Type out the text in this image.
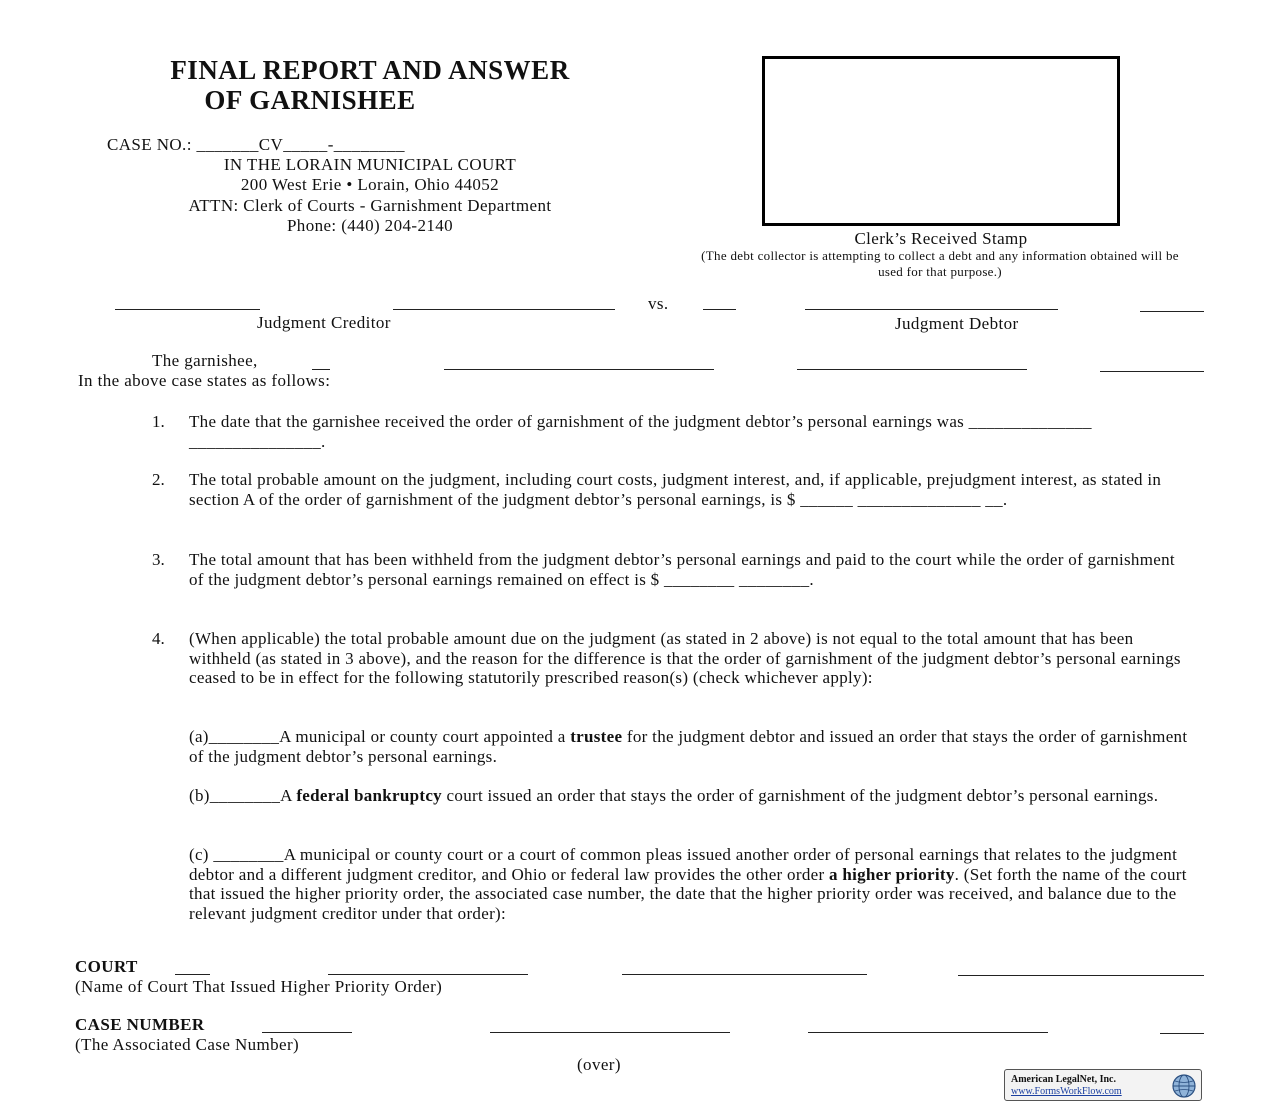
FINAL REPORT AND ANSWER
OF GARNISHEE
CASE NO.: _______CV_____-________
IN THE LORAIN MUNICIPAL COURT
200 West Erie • Lorain, Ohio 44052
ATTN: Clerk of Courts - Garnishment Department
Phone: (440) 204-2140
Clerk’s Received Stamp
(The debt collector is attempting to collect a debt and any information obtained will be used for that purpose.)
vs.
Judgment Creditor	Judgment Debtor
The garnishee,
In the above case states as follows:
1. The date that the garnishee received the order of garnishment of the judgment debtor’s personal earnings was ______________ _______________.
2. The total probable amount on the judgment, including court costs, judgment interest, and, if applicable, prejudgment interest, as stated in section A of the order of garnishment of the judgment debtor’s personal earnings, is $ ______ ______________ __.
3. The total amount that has been withheld from the judgment debtor’s personal earnings and paid to the court while the order of garnishment of the judgment debtor’s personal earnings remained on effect is $ ________ ________.
4. (When applicable) the total probable amount due on the judgment (as stated in 2 above) is not equal to the total amount that has been withheld (as stated in 3 above), and the reason for the difference is that the order of garnishment of the judgment debtor’s personal earnings ceased to be in effect for the following statutorily prescribed reason(s) (check whichever apply):
(a)________A municipal or county court appointed a trustee for the judgment debtor and issued an order that stays the order of garnishment of the judgment debtor’s personal earnings.
(b)________A federal bankruptcy court issued an order that stays the order of garnishment of the judgment debtor’s personal earnings.
(c) ________A municipal or county court or a court of common pleas issued another order of personal earnings that relates to the judgment debtor and a different judgment creditor, and Ohio or federal law provides the other order a higher priority. (Set forth the name of the court that issued the higher priority order, the associated case number, the date that the higher priority order was received, and balance due to the relevant judgment creditor under that order):
COURT
(Name of Court That Issued Higher Priority Order)
CASE NUMBER
(The Associated Case Number)
(over)
American LegalNet, Inc.
www.FormsWorkFlow.com
